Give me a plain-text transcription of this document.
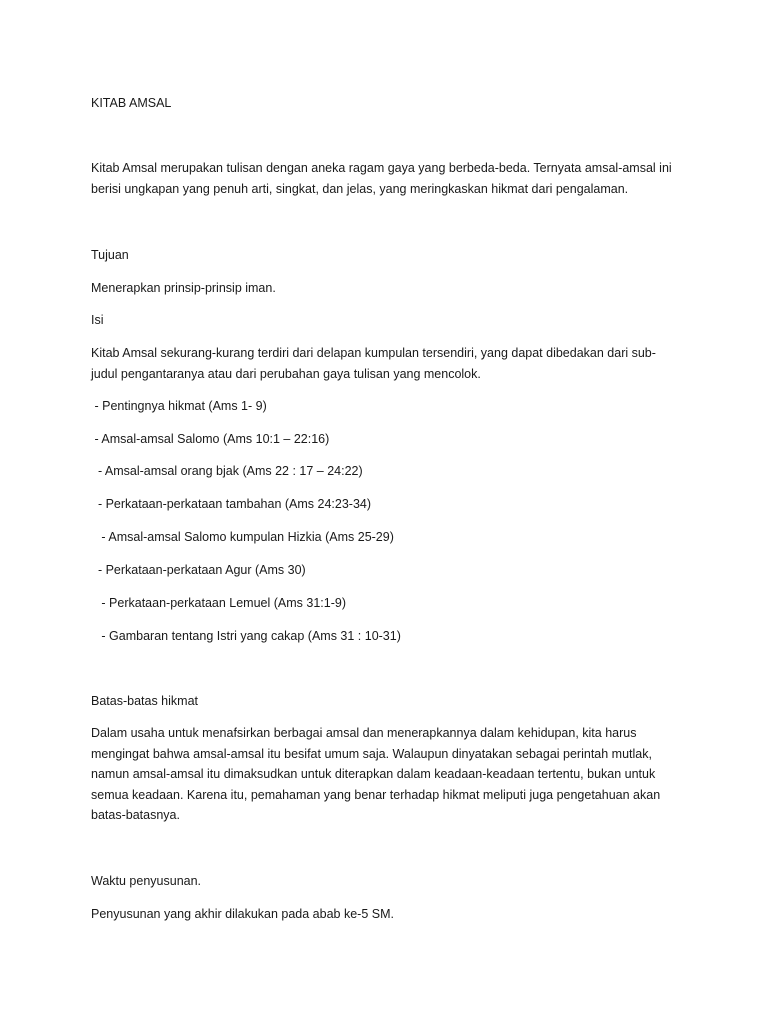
KITAB AMSAL

Kitab Amsal merupakan tulisan dengan aneka ragam gaya yang berbeda-beda. Ternyata amsal-amsal ini

berisi ungkapan yang penuh arti, singkat, dan jelas, yang meringkaskan hikmat dari pengalaman.

Tujuan
Menerapkan prinsip-prinsip iman.
Isi

Kitab Amsal sekurang-kurang terdiri dari delapan kumpulan tersendiri, yang dapat dibedakan dari sub-

judul pengantaranya atau dari perubahan gaya tulisan yang mencolok.

- Pentingnya hikmat (Ams 1- 9)
- Amsal-amsal Salomo (Ams 10:1 – 22:16)
- Amsal-amsal orang bjak (Ams 22 : 17 – 24:22)
- Perkataan-perkataan tambahan (Ams 24:23-34)
- Amsal-amsal Salomo kumpulan Hizkia (Ams 25-29)
- Perkataan-perkataan Agur (Ams 30)
- Perkataan-perkataan Lemuel (Ams 31:1-9)
- Gambaran tentang Istri yang cakap (Ams 31 : 10-31)
Batas-batas hikmat

Dalam usaha untuk menafsirkan berbagai amsal dan menerapkannya dalam kehidupan, kita harus

mengingat bahwa amsal-amsal itu besifat umum saja. Walaupun dinyatakan sebagai perintah mutlak,

namun amsal-amsal itu dimaksudkan untuk diterapkan dalam keadaan-keadaan tertentu, bukan untuk

semua keadaan. Karena itu, pemahaman yang benar terhadap hikmat meliputi juga pengetahuan akan

batas-batasnya.

Waktu penyusunan.
Penyusunan yang akhir dilakukan pada abab ke-5 SM.
